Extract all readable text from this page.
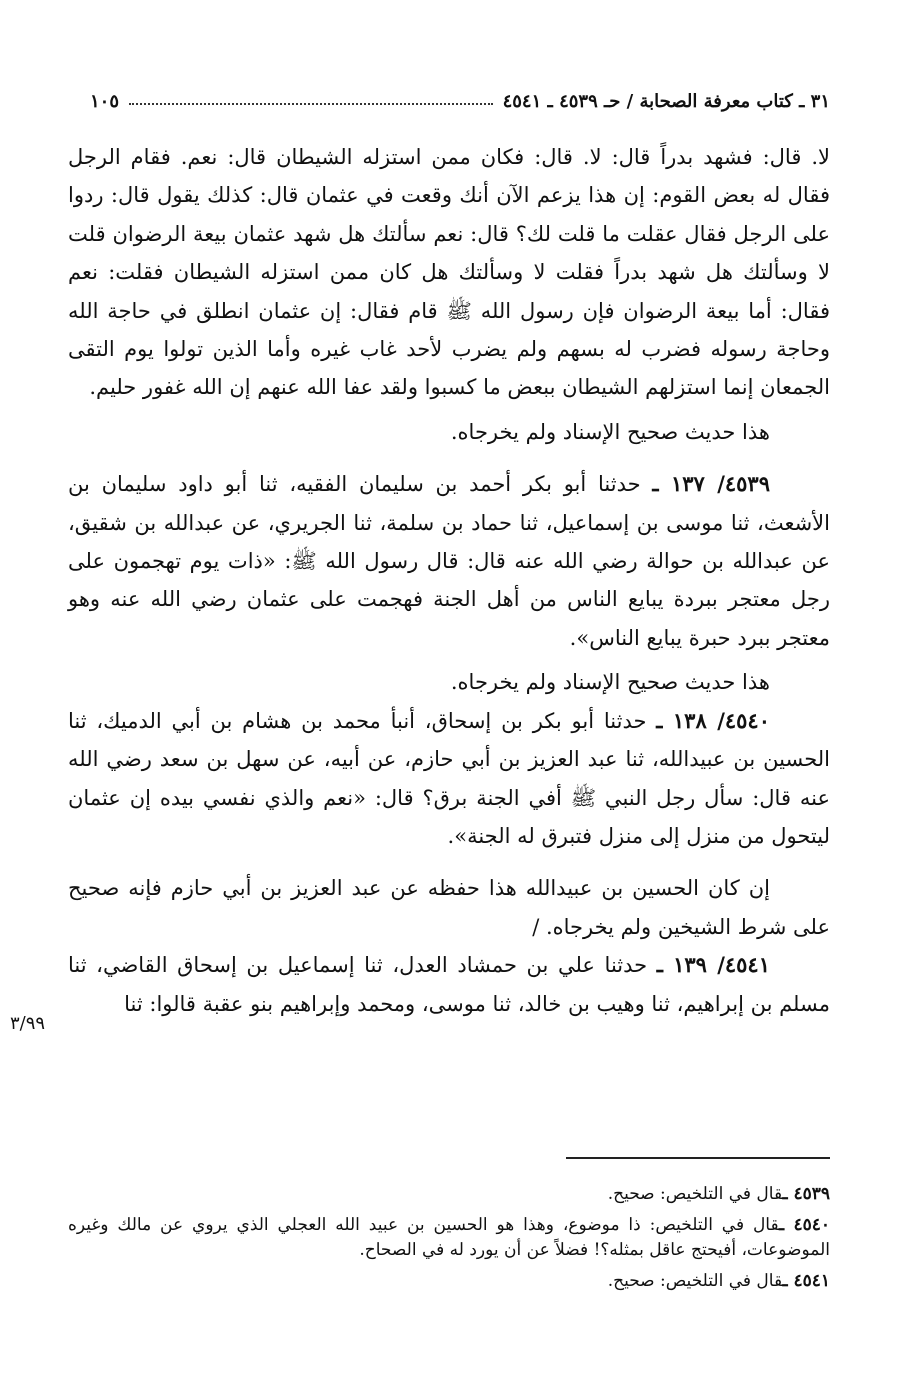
٣١ ـ كتاب معرفة الصحابة / حـ ٤٥٣٩ ـ ٤٥٤١
١٠٥

لا. قال: فشهد بدراً قال: لا. قال: فكان ممن استزله الشيطان قال: نعم. فقام الرجل فقال له بعض القوم: إن هذا يزعم الآن أنك وقعت في عثمان قال: كذلك يقول قال: ردوا على الرجل فقال عقلت ما قلت لك؟ قال: نعم سألتك هل شهد عثمان بيعة الرضوان قلت لا وسألتك هل شهد بدراً فقلت لا وسألتك هل كان ممن استزله الشيطان فقلت: نعم فقال: أما بيعة الرضوان فإن رسول الله ﷺ قام فقال: إن عثمان انطلق في حاجة الله وحاجة رسوله فضرب له بسهم ولم يضرب لأحد غاب غيره وأما الذين تولوا يوم التقى الجمعان إنما استزلهم الشيطان ببعض ما كسبوا ولقد عفا الله عنهم إن الله غفور حليم.

هذا حديث صحيح الإسناد ولم يخرجاه.

٤٥٣٩/ ١٣٧ ـ حدثنا أبو بكر أحمد بن سليمان الفقيه، ثنا أبو داود سليمان بن الأشعث، ثنا موسى بن إسماعيل، ثنا حماد بن سلمة، ثنا الجريري، عن عبدالله بن شقيق، عن عبدالله بن حوالة رضي الله عنه قال: قال رسول الله ﷺ: «ذات يوم تهجمون على رجل معتجر ببردة يبايع الناس من أهل الجنة فهجمت على عثمان رضي الله عنه وهو معتجر ببرد حبرة يبايع الناس».

هذا حديث صحيح الإسناد ولم يخرجاه.

٤٥٤٠/ ١٣٨ ـ حدثنا أبو بكر بن إسحاق، أنبأ محمد بن هشام بن أبي الدميك، ثنا الحسين بن عبيدالله، ثنا عبد العزيز بن أبي حازم، عن أبيه، عن سهل بن سعد رضي الله عنه قال: سأل رجل النبي ﷺ أفي الجنة برق؟ قال: «نعم والذي نفسي بيده إن عثمان ليتحول من منزل إلى منزل فتبرق له الجنة».

إن كان الحسين بن عبيدالله هذا حفظه عن عبد العزيز بن أبي حازم فإنه صحيح على شرط الشيخين ولم يخرجاه. /

٤٥٤١/ ١٣٩ ـ حدثنا علي بن حمشاد العدل، ثنا إسماعيل بن إسحاق القاضي، ثنا مسلم بن إبراهيم، ثنا وهيب بن خالد، ثنا موسى، ومحمد وإبراهيم بنو عقبة قالوا: ثنا

٣/٩٩

٤٥٣٩ ـقال في التلخيص: صحيح.

٤٥٤٠ ـقال في التلخيص: ذا موضوع، وهذا هو الحسين بن عبيد الله العجلي الذي يروي عن مالك وغيره الموضوعات، أفيحتج عاقل بمثله؟! فضلاً عن أن يورد له في الصحاح.

٤٥٤١ ـقال في التلخيص: صحيح.
